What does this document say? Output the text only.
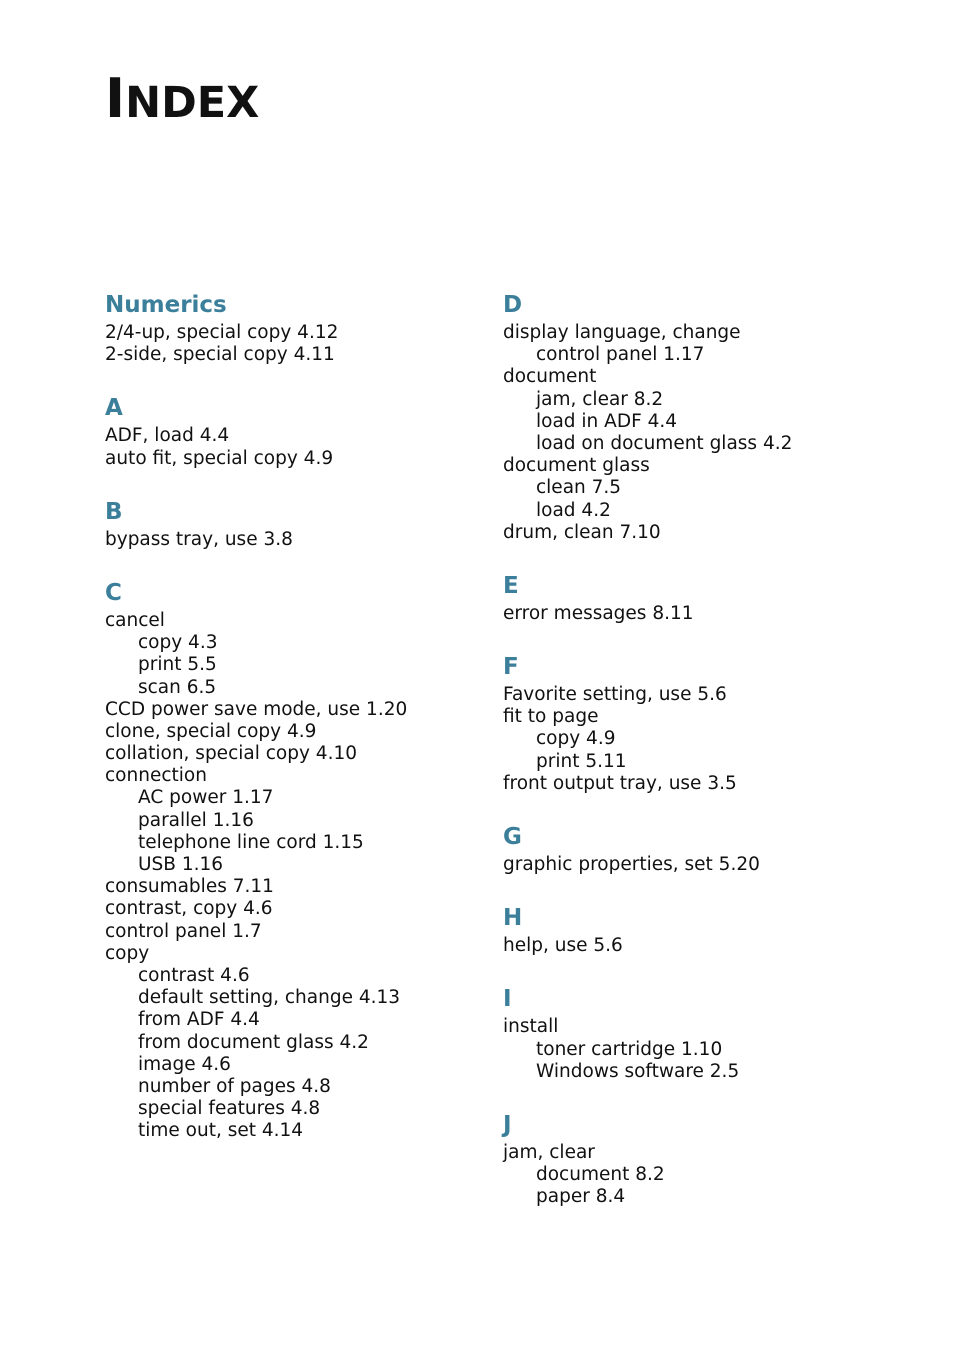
INDEX
Numerics
2/4-up, special copy 4.12
2-side, special copy 4.11
A
ADF, load 4.4
auto fit, special copy 4.9
B
bypass tray, use 3.8
C
cancel
copy 4.3
print 5.5
scan 6.5
CCD power save mode, use 1.20
clone, special copy 4.9
collation, special copy 4.10
connection
AC power 1.17
parallel 1.16
telephone line cord 1.15
USB 1.16
consumables 7.11
contrast, copy 4.6
control panel 1.7
copy
contrast 4.6
default setting, change 4.13
from ADF 4.4
from document glass 4.2
image 4.6
number of pages 4.8
special features 4.8
time out, set 4.14
D
display language, change
control panel 1.17
document
jam, clear 8.2
load in ADF 4.4
load on document glass 4.2
document glass
clean 7.5
load 4.2
drum, clean 7.10
E
error messages 8.11
F
Favorite setting, use 5.6
fit to page
copy 4.9
print 5.11
front output tray, use 3.5
G
graphic properties, set 5.20
H
help, use 5.6
I
install
toner cartridge 1.10
Windows software 2.5
J
jam, clear
document 8.2
paper 8.4
